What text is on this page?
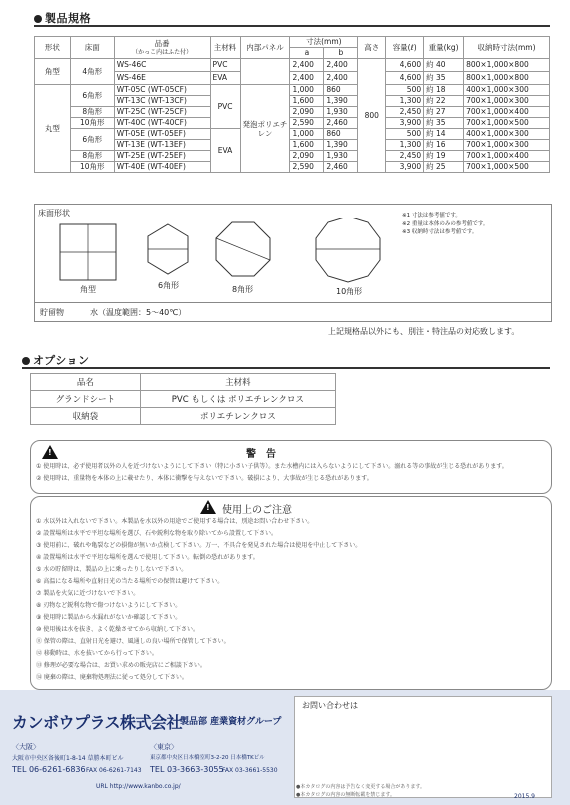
製品規格
形状	床面	品番
（かっこ内はふた付）	主材料	内部パネル	寸法(mm)		高さ	容量(ℓ)	重量(kg)	収納時寸法(mm)
					a	b				
角型	4角形	WS-46C	PVC		2,400	2,400	800	4,600	約 40	800×1,000×800
		WS-46E	EVA		2,400	2,400		4,600	約 35	800×1,000×800
丸型	6角形	WT-05C (WT-05CF)	PVC	発泡ポリエチレン	1,000	860		500	約 18	400×1,000×300
		WT-13C (WT-13CF)			1,600	1,390		1,300	約 22	700×1,000×300
	8角形	WT-25C (WT-25CF)			2,090	1,930		2,450	約 27	700×1,000×400
	10角形	WT-40C (WT-40CF)			2,590	2,460		3,900	約 35	700×1,000×500
	6角形	WT-05E (WT-05EF)	EVA		1,000	860		500	約 14	400×1,000×300
		WT-13E (WT-13EF)			1,600	1,390		1,300	約 16	700×1,000×300
	8角形	WT-25E (WT-25EF)			2,090	1,930		2,450	約 19	700×1,000×400
	10角形	WT-40E (WT-40EF)			2,590	2,460		3,900	約 25	700×1,000×500
床面形状
角型	6角形	8角形	10角形
※1 寸法は参考値です。
※2 重量は本体のみの参考値です。
※3 収納時寸法は参考値です。
貯留物	水（温度範囲：5〜40℃）
上記規格品以外にも、別注・特注品の対応致します。
オプション
品名	主材料
グランドシート	PVC もしくは ポリエチレンクロス
収納袋	ポリエチレンクロス
!	警　告
① 使用時は、必ず使用者以外の人を近づけないようにして下さい（特に小さい子供等）。また水槽内には入らないようにして下さい。溺れる等の事故が生じる恐れがあります。
② 使用時は、重量物を本体の上に載せたり、本体に衝撃を与えないで下さい。破損により、大事故が生じる恐れがあります。
! 使用上のご注意
① 水以外は入れないで下さい。本製品を水以外の用途でご使用する場合は、別途お問い合わせ下さい。
② 設置場所は水平で平坦な場所を選び、石や鋭利な物を取り除いてから設置して下さい。
③ 使用前に、破れや亀裂などの損傷が無いか点検して下さい。万一、不具合を発見された場合は使用を中止して下さい。
④ 設置場所は水平で平坦な場所を選んで使用して下さい。転倒の恐れがあります。
⑤ 水の貯留時は、製品の上に乗ったりしないで下さい。
⑥ 高温になる場所や直射日光の当たる場所での保管は避けて下さい。
⑦ 製品を火気に近づけないで下さい。
⑧ 刃物など鋭利な物で傷つけないようにして下さい。
⑨ 使用時に製品から水漏れがないか確認して下さい。
⑩ 使用後は水を抜き、よく乾燥させてから収納して下さい。
⑪ 保管の際は、直射日光を避け、風通しの良い場所で保管して下さい。
⑫ 移動時は、水を抜いてから行って下さい。
⑬ 修理が必要な場合は、お買い求めの販売店にご相談下さい。
⑭ 廃棄の際は、廃棄物処理法に従って処分して下さい。
カンボウプラス株式会社
製品部 産業資材グループ
〈大阪〉
大阪市中央区备後町1-8-14 草勝本町ビル
TEL 06-6261-6836 FAX 06-6261-7143
〈東京〉
東京都中央区日本橋室町3-2-20 日本橋TKビル
TEL 03-3663-3055
FAX 03-3661-5530
URL http://www.kanbo.co.jp/
お問い合わせは
●本カタログの内容は予告なく変更する場合があります。
●本カタログの内容の無断転載を禁じます。	2015.9
